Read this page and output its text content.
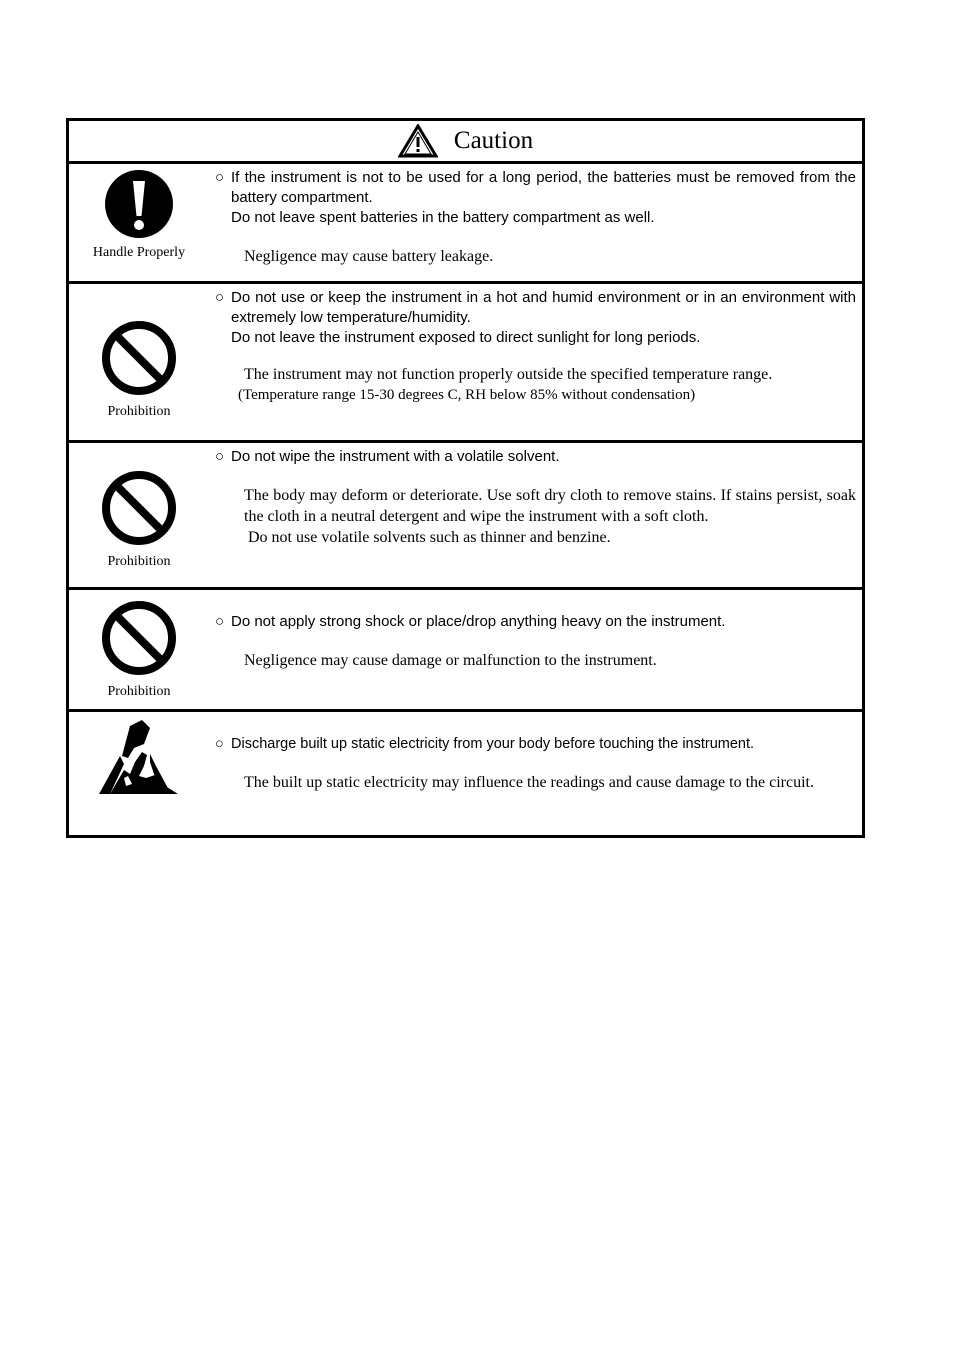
Caution
Handle Properly
○ If the instrument is not to be used for a long period, the batteries must be removed from the battery compartment.
Do not leave spent batteries in the battery compartment as well.
Negligence may cause battery leakage.
Prohibition
○ Do not use or keep the instrument in a hot and humid environment or in an environment with extremely low temperature/humidity.
Do not leave the instrument exposed to direct sunlight for long periods.
The instrument may not function properly outside the specified temperature range.
(Temperature range 15-30 degrees C, RH below 85% without condensation)
Prohibition
○ Do not wipe the instrument with a volatile solvent.
The body may deform or deteriorate. Use soft dry cloth to remove stains. If stains persist, soak the cloth in a neutral detergent and wipe the instrument with a soft cloth.
Do not use volatile solvents such as thinner and benzine.
Prohibition
○ Do not apply strong shock or place/drop anything heavy on the instrument.
Negligence may cause damage or malfunction to the instrument.
○ Discharge built up static electricity from your body before touching the instrument.
The built up static electricity may influence the readings and cause damage to the circuit.
